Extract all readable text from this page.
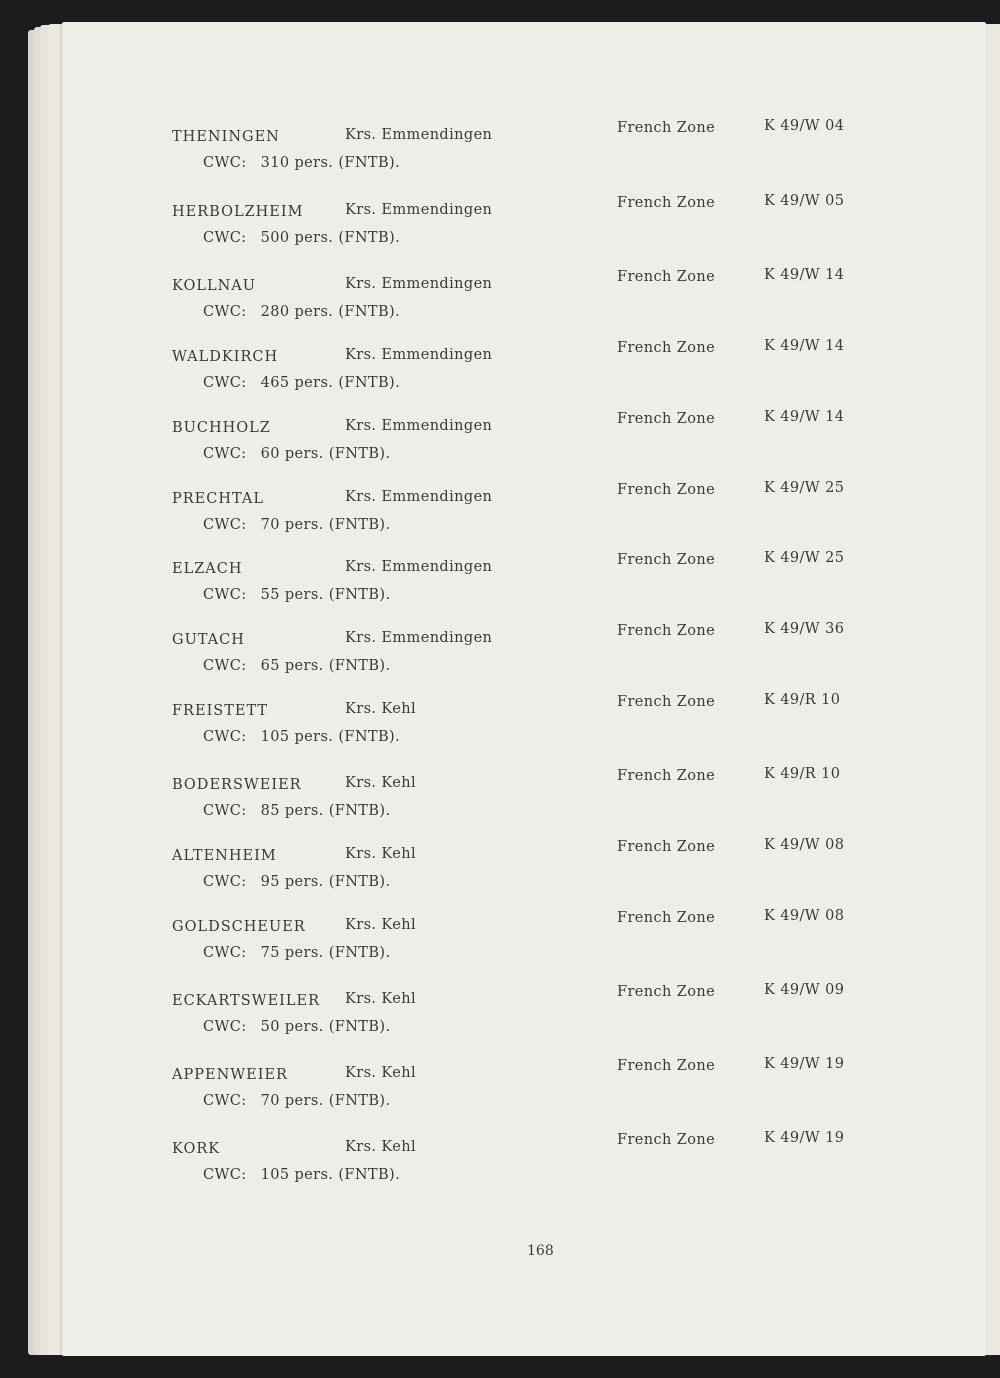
THENINGEN	Krs. Emmendingen	French Zone	K 49/W 04
CWC: 310 pers. (FNTB).
HERBOLZHEIM	Krs. Emmendingen	French Zone	K 49/W 05
CWC: 500 pers. (FNTB).
KOLLNAU	Krs. Emmendingen	French Zone	K 49/W 14
CWC: 280 pers. (FNTB).
WALDKIRCH	Krs. Emmendingen	French Zone	K 49/W 14
CWC: 465 pers. (FNTB).
BUCHHOLZ	Krs. Emmendingen	French Zone	K 49/W 14
CWC: 60 pers. (FNTB).
PRECHTAL	Krs. Emmendingen	French Zone	K 49/W 25
CWC: 70 pers. (FNTB).
ELZACH	Krs. Emmendingen	French Zone	K 49/W 25
CWC: 55 pers. (FNTB).
GUTACH	Krs. Emmendingen	French Zone	K 49/W 36
CWC: 65 pers. (FNTB).
FREISTETT	Krs. Kehl	French Zone	K 49/R 10
CWC: 105 pers. (FNTB).
BODERSWEIER	Krs. Kehl	French Zone	K 49/R 10
CWC: 85 pers. (FNTB).
ALTENHEIM	Krs. Kehl	French Zone	K 49/W 08
CWC: 95 pers. (FNTB).
GOLDSCHEUER	Krs. Kehl	French Zone	K 49/W 08
CWC: 75 pers. (FNTB).
ECKARTSWEILER Krs. Kehl	French Zone	K 49/W 09
CWC: 50 pers. (FNTB).
APPENWEIER	Krs. Kehl	French Zone	K 49/W 19
CWC: 70 pers. (FNTB).
KORK	Krs. Kehl	French Zone	K 49/W 19
CWC: 105 pers. (FNTB).
168
